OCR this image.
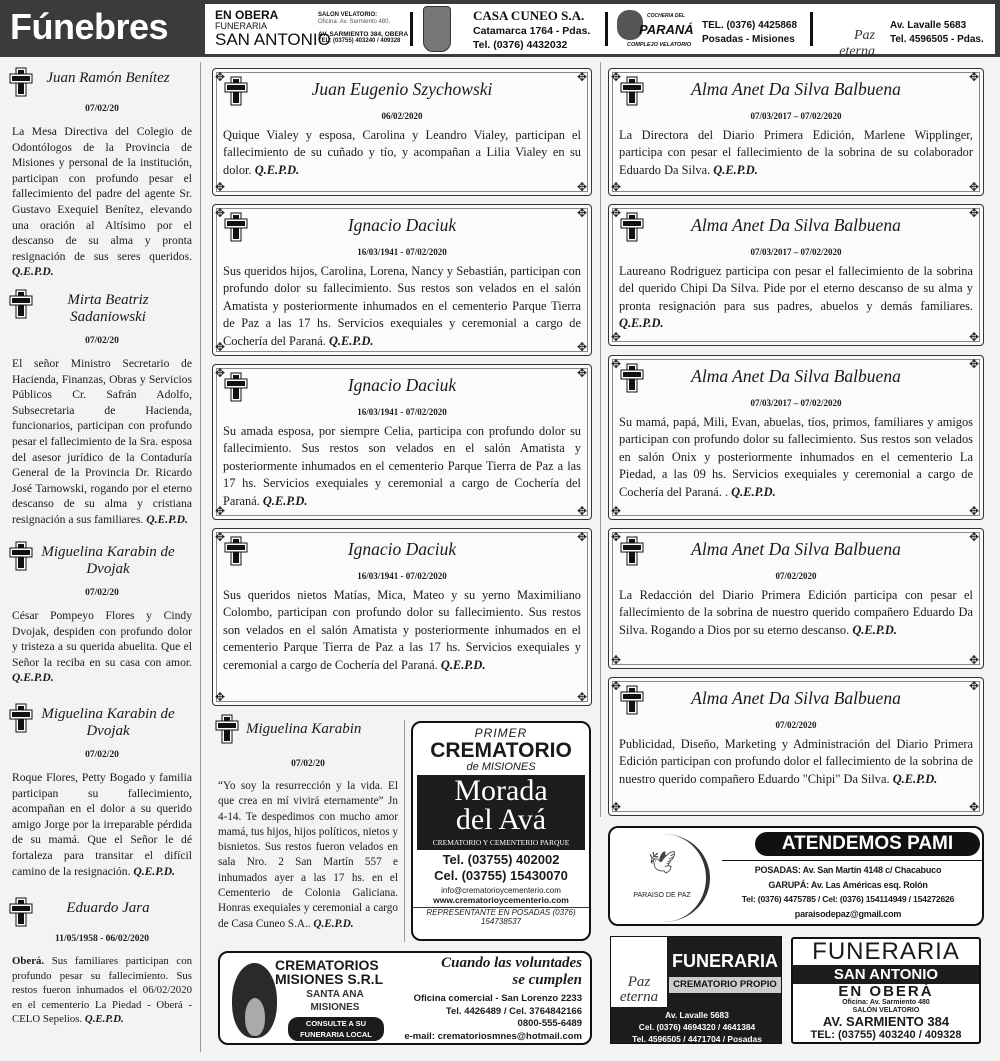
Fúnebres	EN OBERA
FUNERARIA
SAN ANTONIO
SALON VELATORIO:
Oficina: Av. Sarmiento 480.
AV. SARMIENTO 384, OBERA
TEL: (03755) 403240 / 409328
CASA CUNEO S.A.
Catamarca 1764 - Pdas.
Tel. (0376) 4432032
COCHERIA DEL
PARANÁ
COMPLEJO VELATORIO
TEL. (0376) 4425868
Posadas - Misiones	Paz eterna
Av. Lavalle 5683
Tel. 4596505 - Pdas.
Juan Ramón Benítez
07/02/20
La Mesa Directiva del Colegio de Odontólogos de la Provincia de Misiones y personal de la institución, participan con profundo pesar el fallecimiento del padre del agente Sr. Gustavo Exequiel Benítez, elevando una oración al Altísimo por el descanso de su alma y pronta resignación de sus seres queridos. Q.E.P.D.
Mirta Beatriz Sadaniowski
07/02/20
El señor Ministro Secretario de Hacienda, Finanzas, Obras y Servicios Públicos Cr. Safrán Adolfo, Subsecretaria de Hacienda, funcionarios, participan con profundo pesar el fallecimiento de la Sra. esposa del asesor jurídico de la Contaduría General de la Provincia Dr. Ricardo José Tarnowski, rogando por el eterno descanso de su alma y cristiana resignación a sus familiares. Q.E.P.D.
Miguelina Karabin de Dvojak
07/02/20
César Pompeyo Flores y Cindy Dvojak, despiden con profundo dolor y tristeza a su querida abuelita. Que el Señor la reciba en su casa con amor. Q.E.P.D.
Miguelina Karabin de Dvojak
07/02/20
Roque Flores, Petty Bogado y familia participan su fallecimiento, acompañan en el dolor a su querido amigo Jorge por la irreparable pérdida de su mamá. Que el Señor le dé fortaleza para transitar el difícil camino de la resignación. Q.E.P.D.
Eduardo Jara
11/05/1958 - 06/02/2020
Oberá. Sus familiares participan con profundo pesar su fallecimiento. Sus restos fueron inhumados el 06/02/2020 en el cementerio La Piedad - Oberá - CELO Sepelios. Q.E.P.D.
✥	✥
✥	✥
Juan Eugenio Szychowski
06/02/2020
Quique Vialey y esposa, Carolina y Leandro Vialey, participan el fallecimiento de su cuñado y tío, y acompañan a Lilia Vialey en su dolor. Q.E.P.D.
✥	✥
✥	✥
Ignacio Daciuk
16/03/1941 - 07/02/2020
Sus queridos hijos, Carolina, Lorena, Nancy y Sebastián, participan con profundo dolor su fallecimiento. Sus restos son velados en el salón Amatista y posteriormente inhumados en el cementerio Parque Tierra de Paz a las 17 hs. Servicios exequiales y ceremonial a cargo de Cochería del Paraná. Q.E.P.D.
✥	✥
✥	✥
Ignacio Daciuk
16/03/1941 - 07/02/2020
Su amada esposa, por siempre Celia, participa con profundo dolor su fallecimiento. Sus restos son velados en el salón Amatista y posteriormente inhumados en el cementerio Parque Tierra de Paz a las 17 hs. Servicios exequiales y ceremonial a cargo de Cochería del Paraná. Q.E.P.D.
✥	✥
✥	✥
Ignacio Daciuk
16/03/1941 - 07/02/2020
Sus queridos nietos Matías, Mica, Mateo y su yerno Maximiliano Colombo, participan con profundo dolor su fallecimiento. Sus restos son velados en el salón Amatista y posteriormente inhumados en el cementerio Parque Tierra de Paz a las 17 hs. Servicios exequiales y ceremonial a cargo de Cochería del Paraná. Q.E.P.D.
✥	✥
✥	✥
Alma Anet Da Silva Balbuena
07/03/2017 – 07/02/2020
La Directora del Diario Primera Edición, Marlene Wipplinger, participa con pesar el fallecimiento de la sobrina de su colaborador Eduardo Da Silva. Q.E.P.D.
✥	✥
✥	✥
Alma Anet Da Silva Balbuena
07/03/2017 – 07/02/2020
Laureano Rodriguez participa con pesar el fallecimiento de la sobrina del querido Chipi Da Silva. Pide por el eterno descanso de su alma y pronta resignación para sus padres, abuelos y demás familiares. Q.E.P.D.
✥	✥
✥	✥
Alma Anet Da Silva Balbuena
07/03/2017 – 07/02/2020
Su mamá, papá, Mili, Evan, abuelas, tíos, primos, familiares y amigos participan con profundo dolor su fallecimiento. Sus restos son velados en salón Onix y posteriormente inhumados en el cementerio La Piedad, a las 09 hs. Servicios exequiales y ceremonial a cargo de Cochería del Paraná. . Q.E.P.D.
✥	✥
✥	✥
Alma Anet Da Silva Balbuena
07/02/2020
La Redacción del Diario Primera Edición participa con pesar el fallecimiento de la sobrina de nuestro querido compañero Eduardo Da Silva. Rogando a Dios por su eterno descanso. Q.E.P.D.
✥	✥
✥	✥
Alma Anet Da Silva Balbuena
07/02/2020
Publicidad, Diseño, Marketing y Administración del Diario Primera Edición participan con profundo dolor el fallecimiento de la sobrina de nuestro querido compañero Eduardo "Chipi" Da Silva. Q.E.P.D.
Miguelina Karabin
07/02/20
“Yo soy la resurrección y la vida. El que crea en mí vivirá eternamente” Jn 4-14. Te despedimos con mucho amor mamá, tus hijos, hijos políticos, nietos y bisnietos. Sus restos fueron velados en sala Nro. 2 San Martín 557 e inhumados ayer a las 17 hs. en el Cementerio de Colonia Galiciana. Honras exequiales y ceremonial a cargo de Casa Cuneo S.A.. Q.E.P.D.
PRIMER
CREMATORIO
de MISIONES
Morada
del Avá
CREMATORIO Y CEMENTERIO PARQUE
Tel. (03755) 402002
Cel. (03755) 15430070
info@crematorioycementerio.com
www.crematorioycementerio.com
REPRESENTANTE EN POSADAS (0376) 154738537
CREMATORIOS
MISIONES S.R.L
SANTA ANA
MISIONES
CONSULTE A SU
FUNERARIA LOCAL
Cuando las voluntades
se cumplen
Oficina comercial - San Lorenzo 2233
Tel. 4426489 / Cel. 3764842166
0800-555-6489
e-mail: crematoriosmnes@hotmail.com
PARAISO DE PAZ
🕊
ATENDEMOS PAMI
POSADAS: Av. San Martín 4148 c/ Chacabuco
GARUPÁ: Av. Las Américas esq. Rolón
Tel: (0376) 4475785 / Cel: (0376) 154114949 / 154272626
paraisodepaz@gmail.com
Paz eterna
FUNERARIA
CREMATORIO PROPIO
Av. Lavalle 5683
Cel. (0376) 4694320 / 4641384
Tel. 4596505 / 4471704 / Posadas
FUNERARIA
SAN ANTONIO
EN OBERÁ
Oficina: Av. Sarmiento 480
SALÓN VELATORIO
AV. SARMIENTO 384
TEL: (03755) 403240 / 409328
